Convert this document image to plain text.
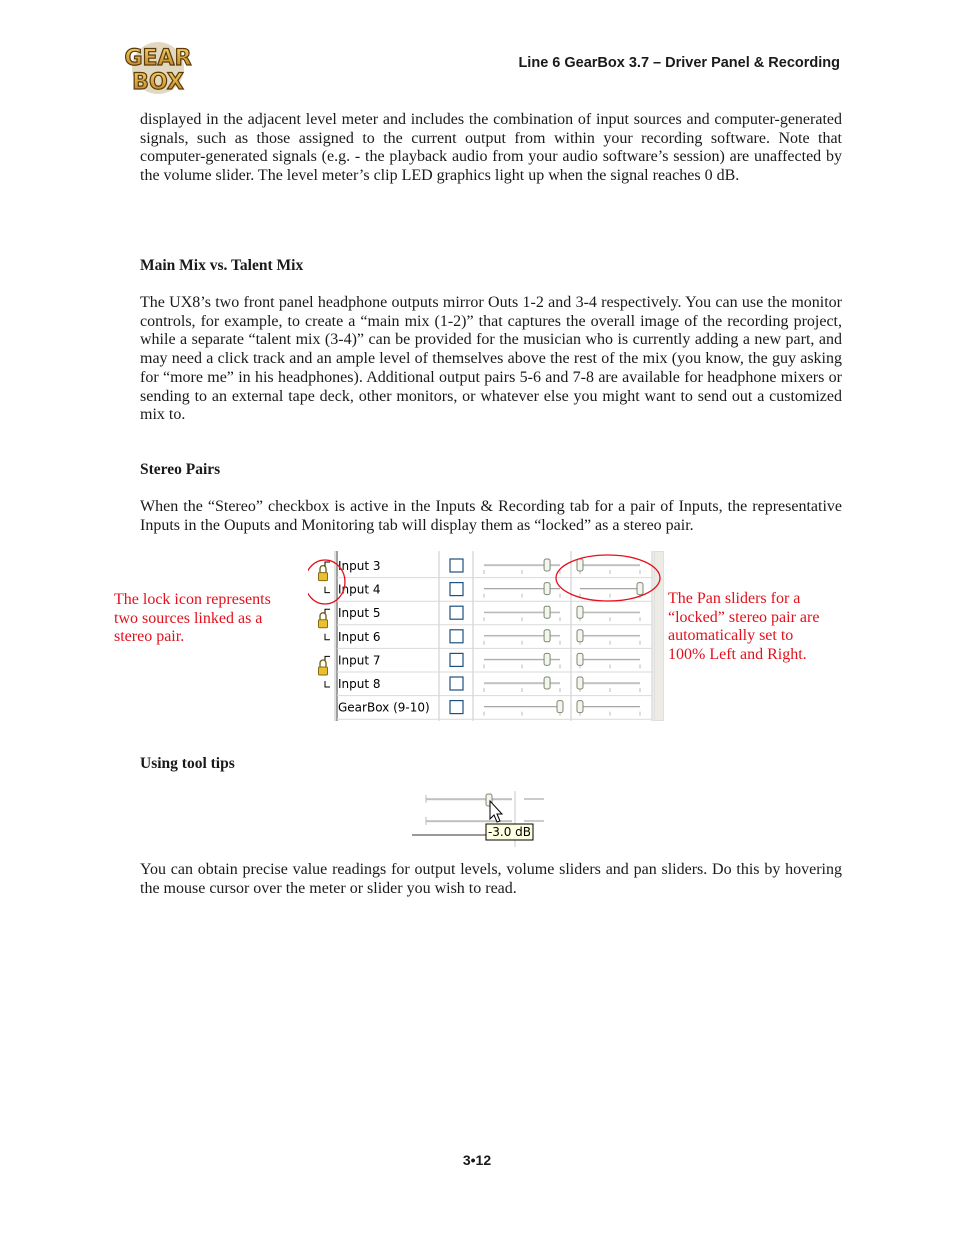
GEAR
BOX
Line 6 GearBox 3.7 – Driver Panel & Recording

displayed in the adjacent level meter and includes the combination of input sources and computer-generated signals, such as those assigned to the current output from within your recording software. Note that computer-generated signals (e.g. - the playback audio from your audio software’s session) are unaffected by the volume slider. The level meter’s clip LED graphics light up when the signal reaches 0 dB.

Main Mix vs. Talent Mix

The UX8’s two front panel headphone outputs mirror Outs 1-2 and 3-4 respectively. You can use the monitor controls, for example, to create a “main mix (1-2)” that captures the overall image of the recording project, while a separate “talent mix (3-4)” can be provided for the musician who is currently adding a new part, and may need a click track and an ample level of themselves above the rest of the mix (you know, the guy asking for “more me” in his headphones). Additional output pairs 5-6 and 7-8 are available for headphone mixers or sending to an external tape deck, other monitors, or whatever else you might want to send out a customized mix to.

Stereo Pairs

When the “Stereo” checkbox is active in the Inputs & Recording tab for a pair of Inputs, the representative Inputs in the Ouputs and Monitoring tab will display them as “locked” as a stereo pair.

The lock icon represents
two sources linked as a
stereo pair.
The Pan sliders for a
“locked” stereo pair are
automatically set to
100% Left and Right.
Input 3
Input 4
Input 5
Input 6
Input 7
Input 8
GearBox (9-10)
Using tool tips
-3.0 dB

You can obtain precise value readings for output levels, volume sliders and pan sliders. Do this by hovering the mouse cursor over the meter or slider you wish to read.

3•12
